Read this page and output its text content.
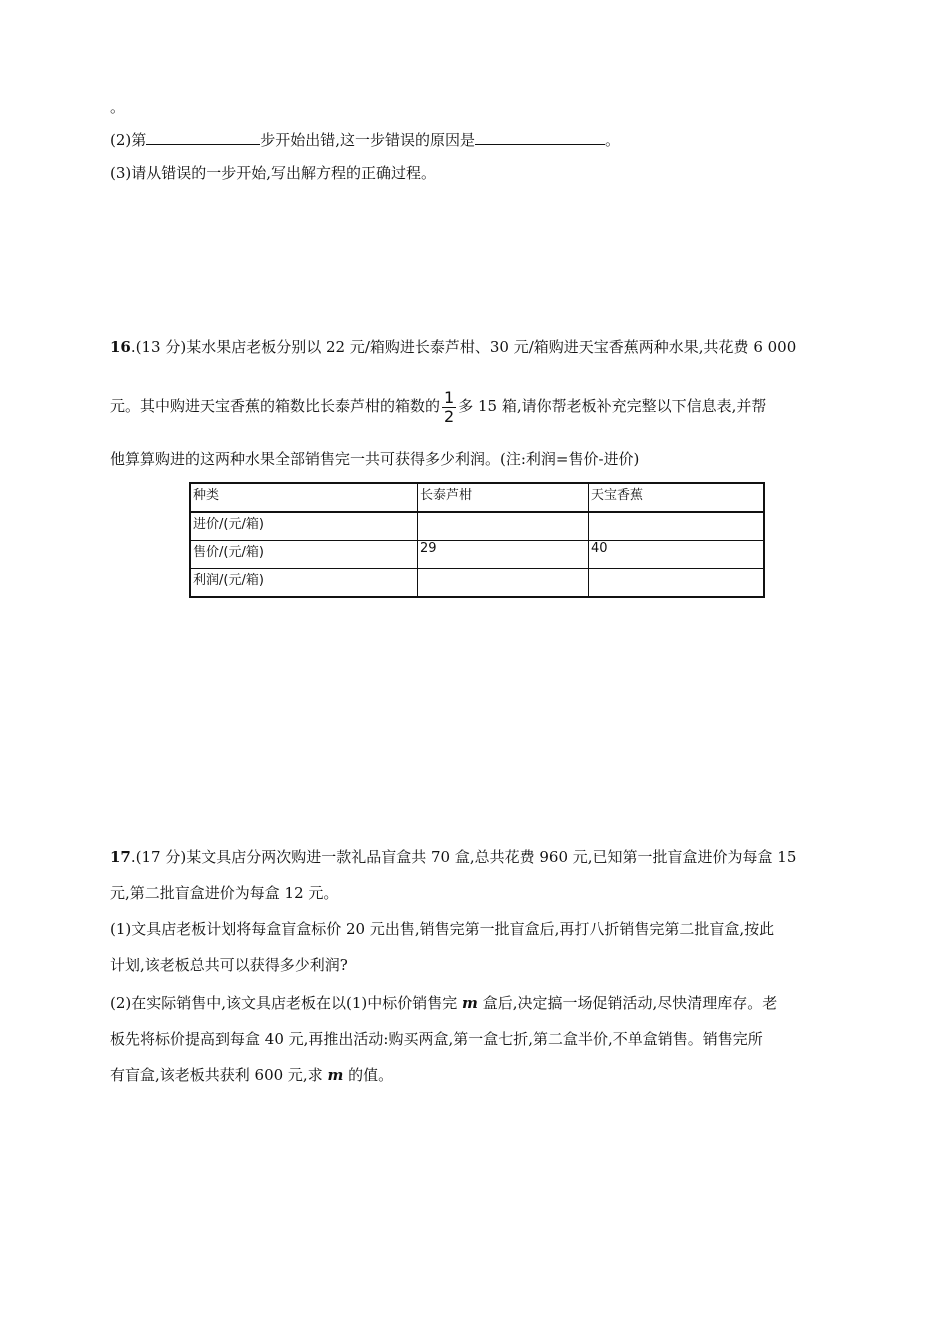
。
(2)第	步开始出错,这一步错误的原因是	。
(3)请从错误的一步开始,写出解方程的正确过程。
16.(13 分)某水果店老板分别以 22 元/箱购进长泰芦柑、30 元/箱购进天宝香蕉两种水果,共花费 6 000
元。其中购进天宝香蕉的箱数比长泰芦柑的箱数的 $\frac{1}{2}$ 多 15 箱,请你帮老板补充完整以下信息表,并帮
他算算购进的这两种水果全部销售完一共可获得多少利润。(注:利润=售价-进价)
种类	长泰芦柑	天宝香蕉
进价/(元/箱)		
售价/(元/箱)	29	40
利润/(元/箱)		
17.(17 分)某文具店分两次购进一款礼品盲盒共 70 盒,总共花费 960 元,已知第一批盲盒进价为每盒 15
元,第二批盲盒进价为每盒 12 元。
(1)文具店老板计划将每盒盲盒标价 20 元出售,销售完第一批盲盒后,再打八折销售完第二批盲盒,按此
计划,该老板总共可以获得多少利润?
(2)在实际销售中,该文具店老板在以(1)中标价销售完 m 盒后,决定搞一场促销活动,尽快清理库存。老
板先将标价提高到每盒 40 元,再推出活动:购买两盒,第一盒七折,第二盒半价,不单盒销售。销售完所
有盲盒,该老板共获利 600 元,求 m 的值。
